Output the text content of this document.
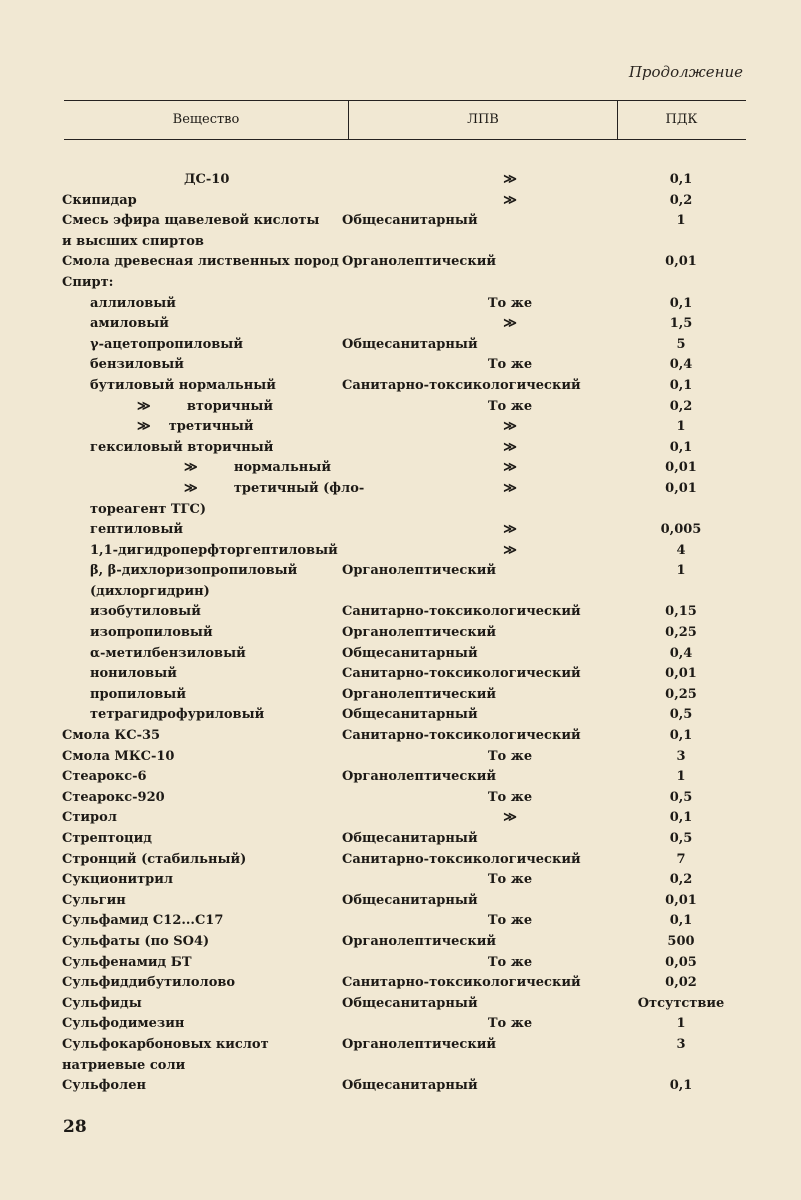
Продолжение
Вещество	ЛПВ	ПДК
ДС-10	≫	0,1
Скипидар	≫	0,2
Смесь эфира щавелевой кислоты Общесанитарный	1
и высших спиртов
Смола древесная лиственных пород Органолептический	0,01
Спирт:
аллиловый	То же	0,1
амиловый	≫	1,5
γ-ацетопропиловый	Общесанитарный	5
бензиловый	То же	0,4
бутиловый нормальный	Санитарно-токсикологический	0,1
≫        вторичный	То же	0,2
≫    третичный	≫	1
гексиловый вторичный	≫	0,1
≫        нормальный	≫	0,01
≫        третичный (фло-	≫	0,01
тореагент ТГС)
гептиловый	≫	0,005
1,1-дигидроперфторгептиловый	≫	4
β, β-дихлоризопропиловый	Органолептический	1
(дихлоргидрин)
изобутиловый	Санитарно-токсикологический	0,15
изопропиловый	Органолептический	0,25
α-метилбензиловый	Общесанитарный	0,4
нониловый	Санитарно-токсикологический	0,01
пропиловый	Органолептический	0,25
тетрагидрофуриловый	Общесанитарный	0,5
Смола КС-35	Санитарно-токсикологический	0,1
Смола МКС-10	То же	3
Стеарокс-6	Органолептический	1
Стеарокс-920	То же	0,5
Стирол	≫	0,1
Стрептоцид	Общесанитарный	0,5
Стронций (стабильный)	Санитарно-токсикологический	7
Сукционитрил	То же	0,2
Сульгин	Общесанитарный	0,01
Сульфамид C12...C17	То же	0,1
Сульфаты (по SO4)	Органолептический	500
Сульфенамид БТ	То же	0,05
Сульфиддибутилолово	Санитарно-токсикологический	0,02
Сульфиды	Общесанитарный	Отсутствие
Сульфодимезин	То же	1
Сульфокарбоновых кислот	Органолептический	3
натриевые соли
Сульфолен	Общесанитарный	0,1
28
